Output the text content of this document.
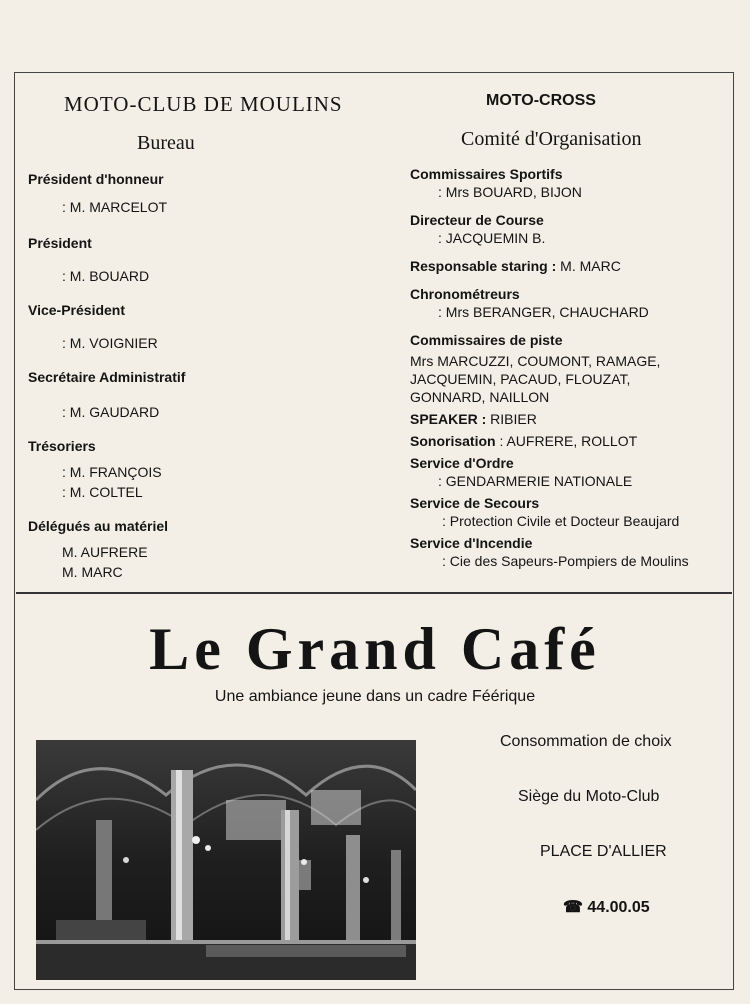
MOTO-CLUB DE MOULINS
Bureau
MOTO-CROSS
Comité d'Organisation
Président d'honneur
: M. MARCELOT
Président
: M. BOUARD
Vice-Président
: M. VOIGNIER
Secrétaire Administratif
: M. GAUDARD
Trésoriers
: M. FRANÇOIS
: M. COLTEL
Délégués au matériel
M. AUFRERE
M. MARC
Commissaires Sportifs
: Mrs BOUARD, BIJON
Directeur de Course
: JACQUEMIN B.
Responsable staring : M. MARC
Chronométreurs
: Mrs BERANGER, CHAUCHARD
Commissaires de piste
Mrs MARCUZZI, COUMONT, RAMAGE,
JACQUEMIN, PACAUD, FLOUZAT,
GONNARD, NAILLON
SPEAKER : RIBIER
Sonorisation : AUFRERE, ROLLOT
Service d'Ordre
: GENDARMERIE NATIONALE
Service de Secours
: Protection Civile et Docteur Beaujard
Service d'Incendie
: Cie des Sapeurs-Pompiers de Moulins
Le Grand Café
Une ambiance jeune dans un cadre Féérique
Consommation de choix
Siège du Moto-Club
PLACE D'ALLIER
☎ 44.00.05
